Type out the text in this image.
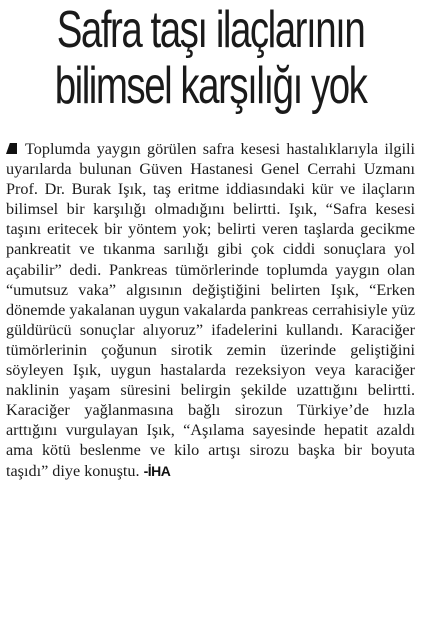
Safra taşı ilaçlarının
bilimsel karşılığı yok

Toplumda yaygın görülen safra kesesi hastalıklarıyla ilgili uyarılarda bulunan Güven Hastanesi Genel Cerrahi Uzmanı Prof. Dr. Burak Işık, taş eritme iddiasındaki kür ve ilaçların bilimsel bir karşılığı olmadığını belirtti. Işık, “Safra kesesi taşını eritecek bir yöntem yok; belirti veren taşlarda gecikme pankreatit ve tıkanma sarılığı gibi çok ciddi sonuçlara yol açabilir” dedi. Pankreas tümörlerinde toplumda yaygın olan “umutsuz vaka” algısının değiştiğini belirten Işık, “Erken dönemde yakalanan uygun vakalarda pankreas cerrahisiyle yüz güldürücü sonuçlar alıyoruz” ifadelerini kullandı. Karaciğer tümörlerinin çoğunun sirotik zemin üzerinde geliştiğini söyleyen Işık, uygun hastalarda rezeksiyon veya karaciğer naklinin yaşam süresini belirgin şekilde uzattığını belirtti. Karaciğer yağlanmasına bağlı sirozun Türkiye’de hızla arttığını vurgulayan Işık, “Aşılama sayesinde hepatit azaldı ama kötü beslenme ve kilo artışı sirozu başka bir boyuta taşıdı” diye konuştu. -İHA
